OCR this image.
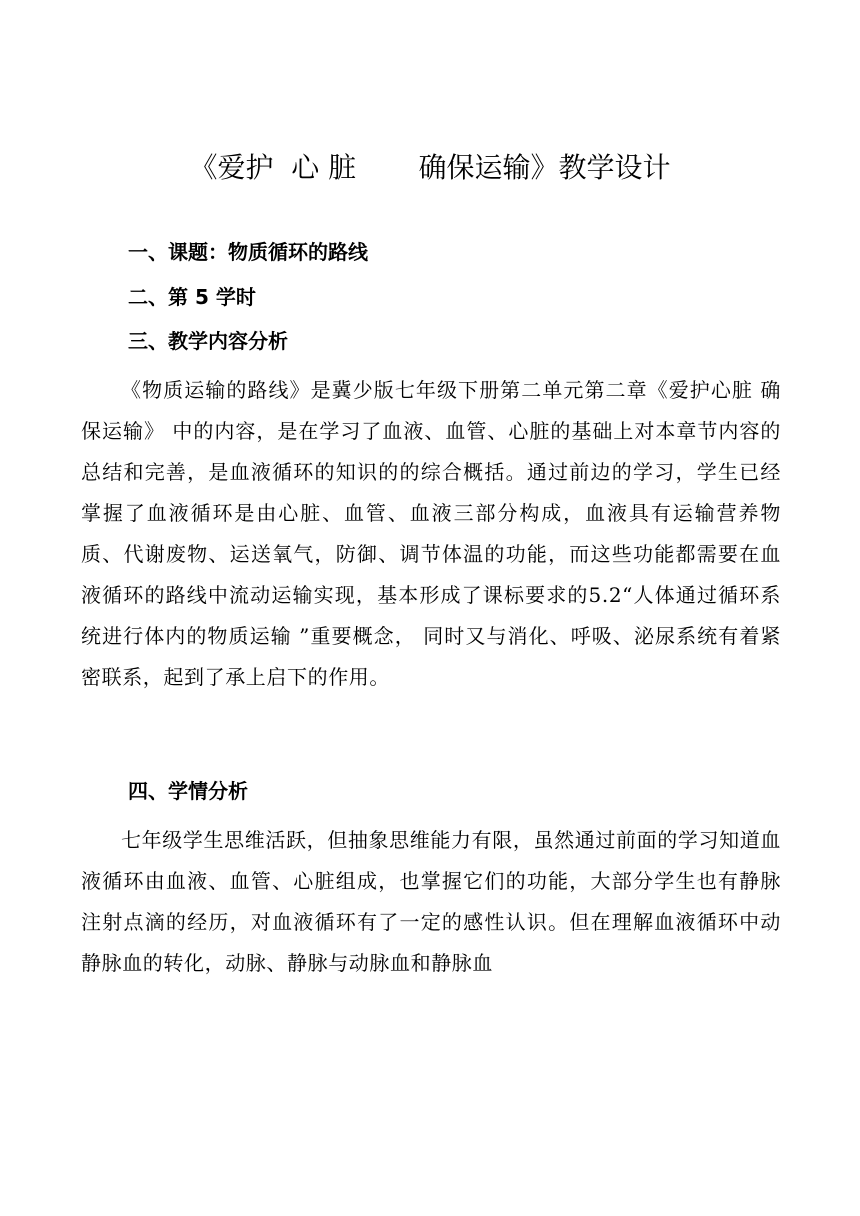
《爱护  心 脏       确保运输》教学设计
一、课题：物质循环的路线
二、第 5 学时
三、教学内容分析
《物质运输的路线》是冀少版七年级下册第二单元第二章《爱护心脏 确保运输》 中的内容，是在学习了血液、血管、心脏的基础上对本章节内容的总结和完善，是血液循环的知识的的综合概括。通过前边的学习，学生已经掌握了血液循环是由心脏、血管、血液三部分构成，血液具有运输营养物质、代谢废物、运送氧气，防御、调节体温的功能，而这些功能都需要在血液循环的路线中流动运输实现，基本形成了课标要求的5.2“人体通过循环系统进行体内的物质运输 ”重要概念， 同时又与消化、呼吸、泌尿系统有着紧密联系，起到了承上启下的作用。
四、学情分析
七年级学生思维活跃，但抽象思维能力有限，虽然通过前面的学习知道血液循环由血液、血管、心脏组成，也掌握它们的功能，大部分学生也有静脉注射点滴的经历，对血液循环有了一定的感性认识。但在理解血液循环中动静脉血的转化，动脉、静脉与动脉血和静脉血
